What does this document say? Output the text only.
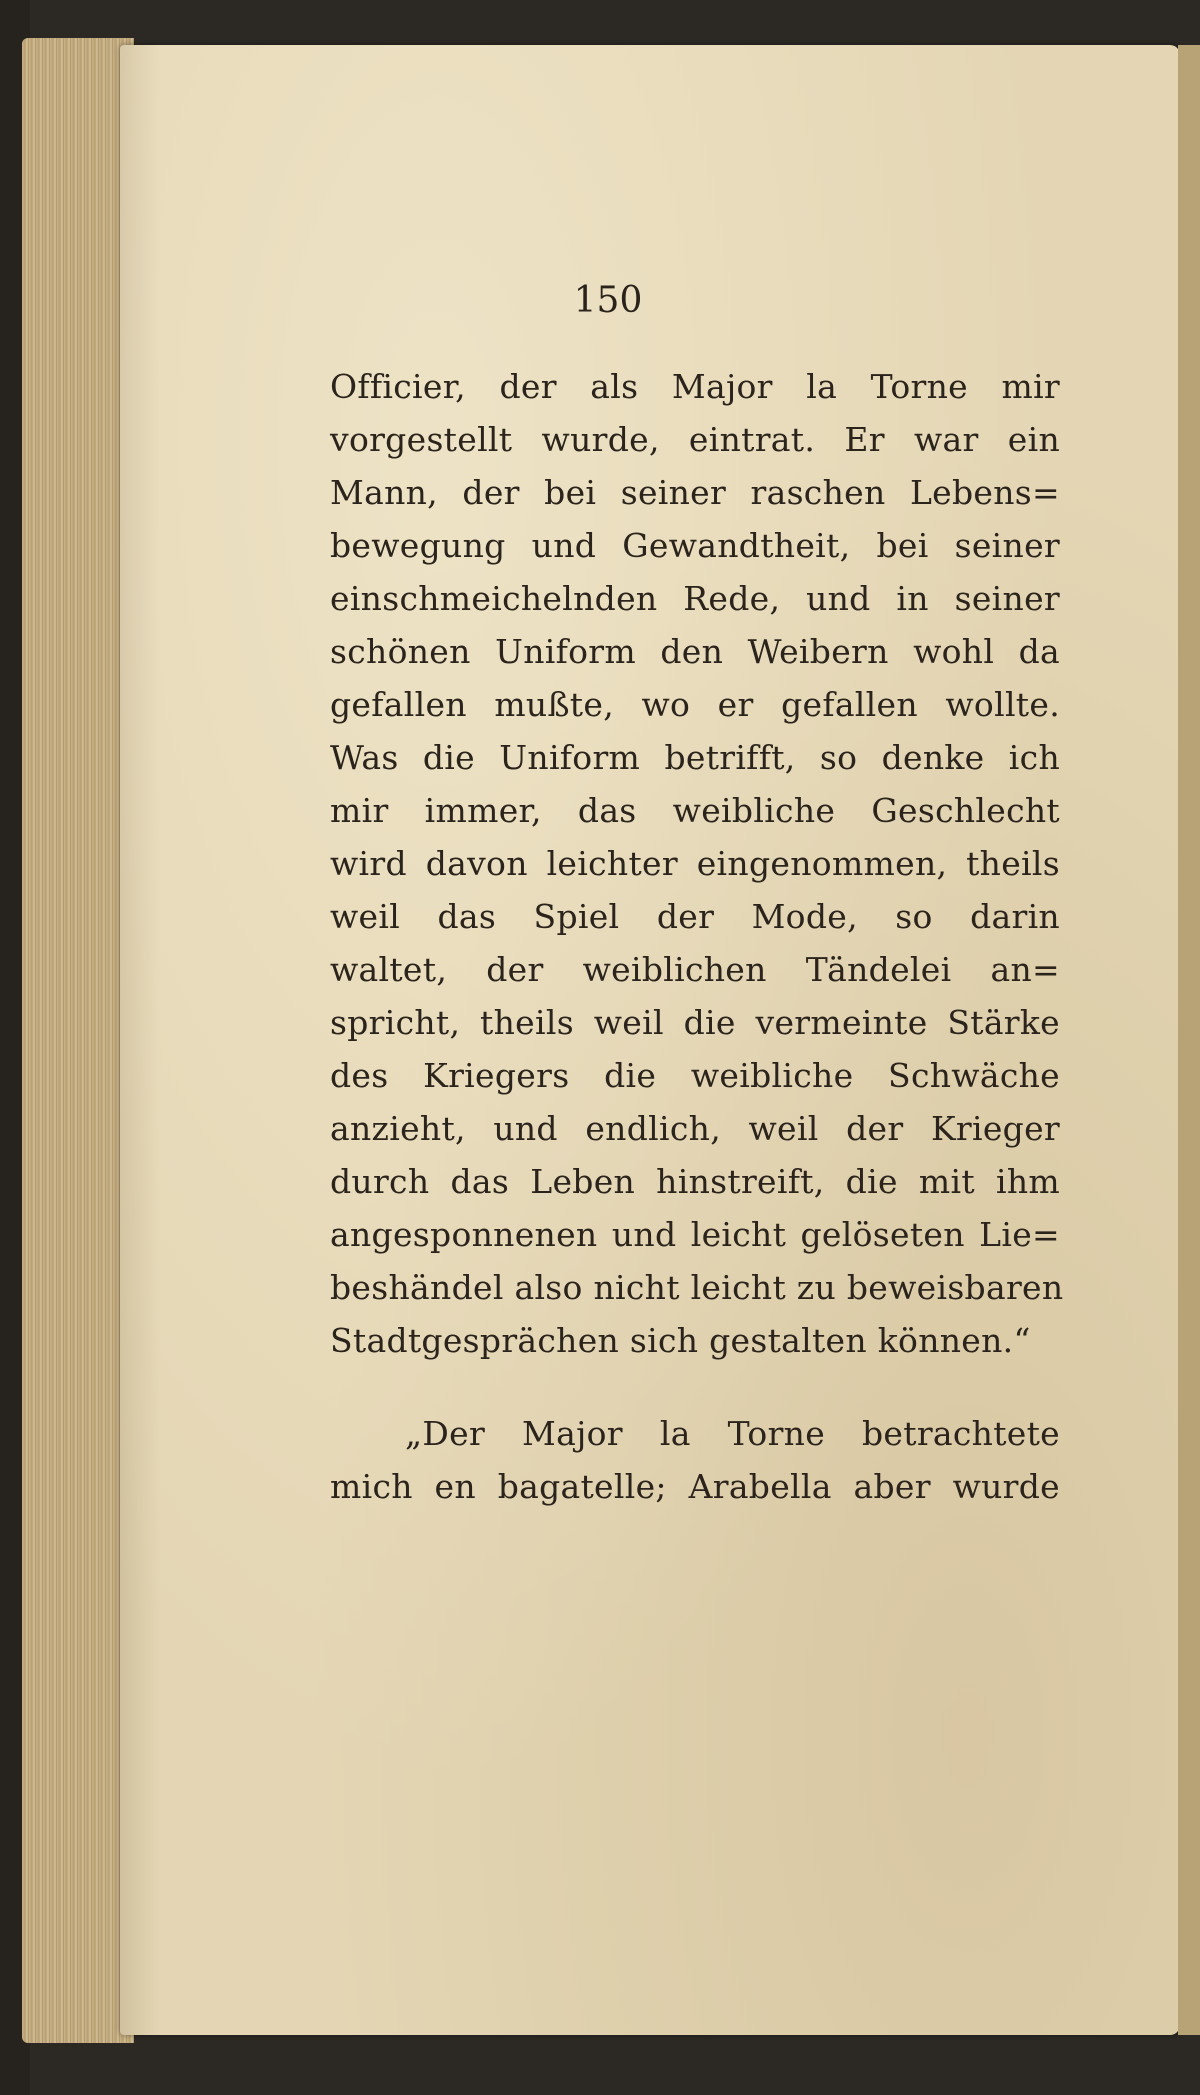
150
Officier, der als Major la Torne mir
vorgestellt wurde, eintrat. Er war ein
Mann, der bei seiner raschen Lebens=
bewegung und Gewandtheit, bei seiner
einschmeichelnden Rede, und in seiner
schönen Uniform den Weibern wohl da
gefallen mußte, wo er gefallen wollte.
Was die Uniform betrifft, so denke ich
mir immer, das weibliche Geschlecht
wird davon leichter eingenommen, theils
weil das Spiel der Mode, so darin
waltet, der weiblichen Tändelei an=
spricht, theils weil die vermeinte Stärke
des Kriegers die weibliche Schwäche
anzieht, und endlich, weil der Krieger
durch das Leben hinstreift, die mit ihm
angesponnenen und leicht gelöseten Lie=
beshändel also nicht leicht zu beweisbaren
Stadtgesprächen sich gestalten können.“
„Der Major la Torne betrachtete
mich en bagatelle; Arabella aber wurde
